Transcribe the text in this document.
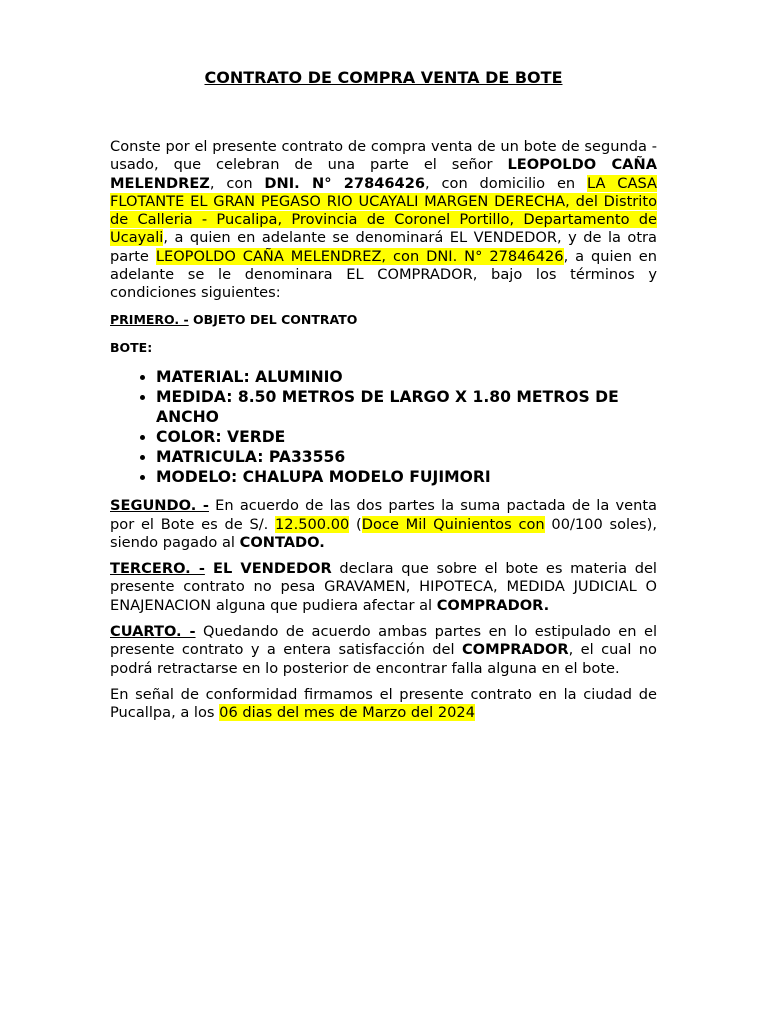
CONTRATO DE COMPRA VENTA DE BOTE

Conste por el presente contrato de compra venta de un bote de segunda -usado, que celebran de una parte el señor LEOPOLDO CAÑA MELENDREZ, con DNI. N° 27846426, con domicilio en LA CASA FLOTANTE EL GRAN PEGASO RIO UCAYALI MARGEN DERECHA, del Distrito de Calleria - Pucalipa, Provincia de Coronel Portillo, Departamento de Ucayali, a quien en adelante se denominará EL VENDEDOR, y de la otra parte LEOPOLDO CAÑA MELENDREZ, con DNI. N° 27846426, a quien en adelante se le denominara EL COMPRADOR, bajo los términos y condiciones siguientes:

PRIMERO. - OBJETO DEL CONTRATO
BOTE:
• MATERIAL: ALUMINIO
• MEDIDA: 8.50 METROS DE LARGO X 1.80 METROS DE ANCHO
• COLOR: VERDE
• MATRICULA: PA33556
• MODELO: CHALUPA MODELO FUJIMORI

SEGUNDO. - En acuerdo de las dos partes la suma pactada de la venta por el Bote es de S/. 12.500.00 (Doce Mil Quinientos con 00/100 soles), siendo pagado al CONTADO.

TERCERO. - EL VENDEDOR declara que sobre el bote es materia del presente contrato no pesa GRAVAMEN, HIPOTECA, MEDIDA JUDICIAL O ENAJENACION alguna que pudiera afectar al COMPRADOR.

CUARTO. - Quedando de acuerdo ambas partes en lo estipulado en el presente contrato y a entera satisfacción del COMPRADOR, el cual no podrá retractarse en lo posterior de encontrar falla alguna en el bote.

En señal de conformidad firmamos el presente contrato en la ciudad de Pucallpa, a los 06 dias del mes de Marzo del 2024
